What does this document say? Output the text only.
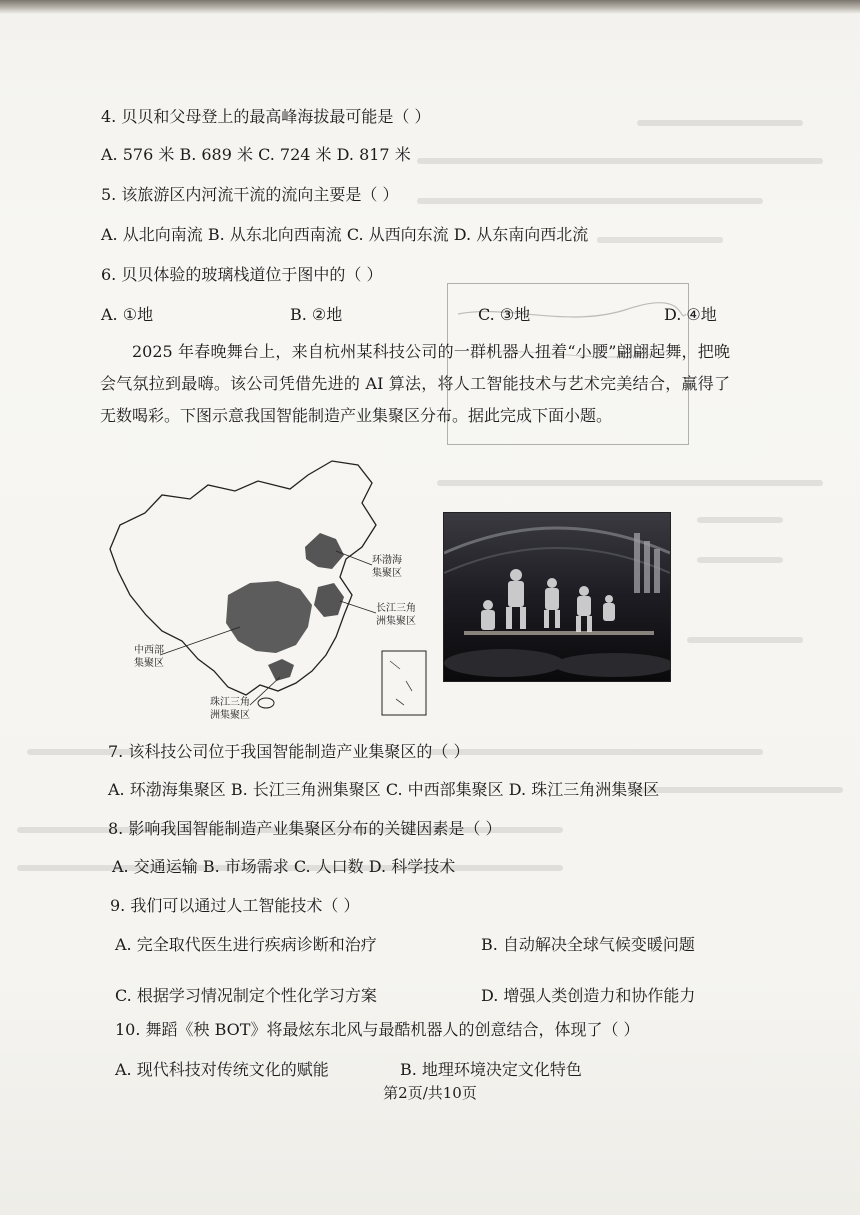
4. 贝贝和父母登上的最高峰海拔最可能是（ ）
A. 576 米 B. 689 米 C. 724 米 D. 817 米
5. 该旅游区内河流干流的流向主要是（ ）
A. 从北向南流 B. 从东北向西南流 C. 从西向东流 D. 从东南向西北流
6. 贝贝体验的玻璃栈道位于图中的（ ）
A. ①地	B. ②地	C. ③地	D. ④地

2025 年春晚舞台上，来自杭州某科技公司的一群机器人扭着“小腰”翩翩起舞，把晚会气氛拉到最嗨。该公司凭借先进的 AI 算法，将人工智能技术与艺术完美结合，赢得了无数喝彩。下图示意我国智能制造产业集聚区分布。据此完成下面小题。

环渤海
集聚区
长江三角
洲集聚区
中西部
集聚区
珠江三角
洲集聚区
7. 该科技公司位于我国智能制造产业集聚区的（ ）
A. 环渤海集聚区 B. 长江三角洲集聚区 C. 中西部集聚区 D. 珠江三角洲集聚区
8. 影响我国智能制造产业集聚区分布的关键因素是（ ）
A. 交通运输 B. 市场需求 C. 人口数 D. 科学技术
9. 我们可以通过人工智能技术（ ）
A. 完全取代医生进行疾病诊断和治疗	B. 自动解决全球气候变暖问题
C. 根据学习情况制定个性化学习方案	D. 增强人类创造力和协作能力
10. 舞蹈《秧 BOT》将最炫东北风与最酷机器人的创意结合，体现了（ ）
A. 现代科技对传统文化的赋能	B. 地理环境决定文化特色
第2页/共10页
